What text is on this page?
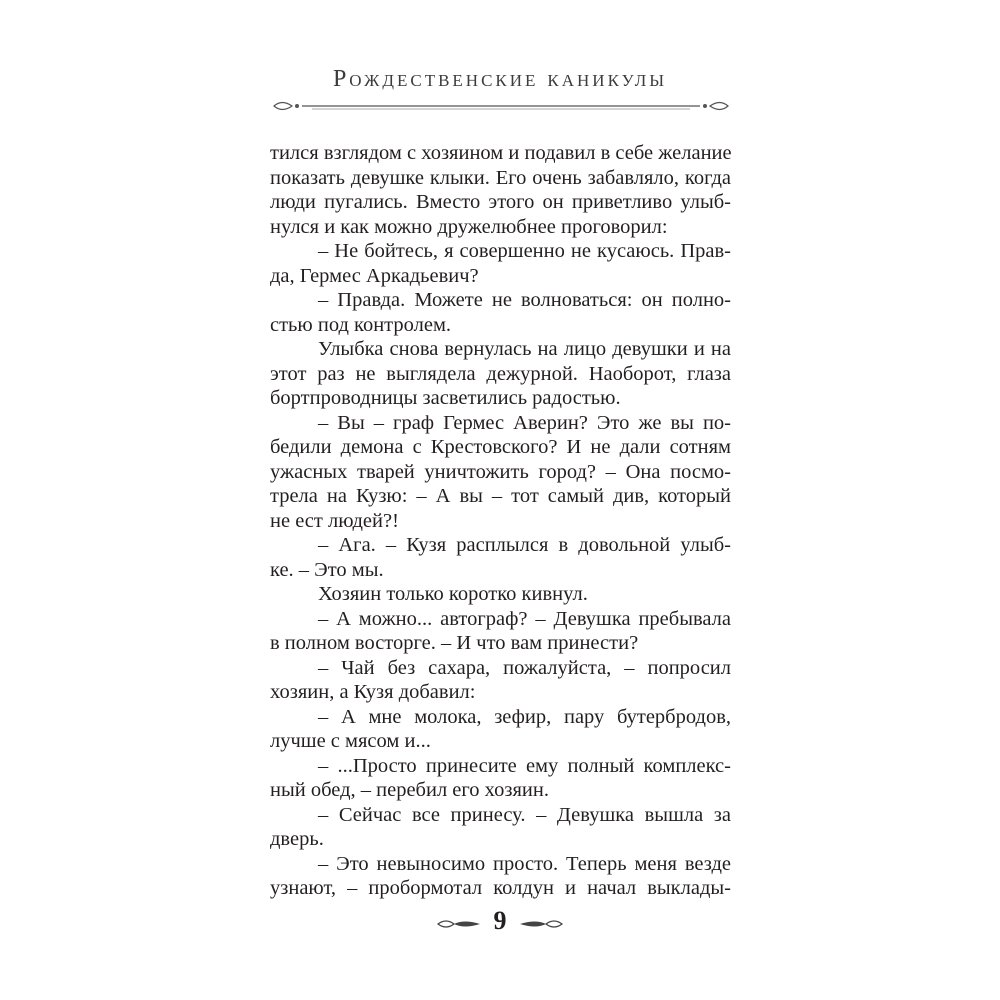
Рождественские каникулы
тился взглядом с хозяином и подавил в себе желание
показать девушке клыки. Его очень забавляло, когда
люди пугались. Вместо этого он приветливо улыб-
нулся и как можно дружелюбнее проговорил:
– Не бойтесь, я совершенно не кусаюсь. Прав-
да, Гермес Аркадьевич?
– Правда. Можете не волноваться: он полно-
стью под контролем.
Улыбка снова вернулась на лицо девушки и на
этот раз не выглядела дежурной. Наоборот, глаза
бортпроводницы засветились радостью.
– Вы – граф Гермес Аверин? Это же вы по-
бедили демона с Крестовского? И не дали сотням
ужасных тварей уничтожить город? – Она посмо-
трела на Кузю: – А вы – тот самый див, который
не ест людей?!
– Ага. – Кузя расплылся в довольной улыб-
ке. – Это мы.
Хозяин только коротко кивнул.
– А можно... автограф? – Девушка пребывала
в полном восторге. – И что вам принести?
– Чай без сахара, пожалуйста, – попросил
хозяин, а Кузя добавил:
– А мне молока, зефир, пару бутербродов,
лучше с мясом и...
– ...Просто принесите ему полный комплекс-
ный обед, – перебил его хозяин.
– Сейчас все принесу. – Девушка вышла за
дверь.
– Это невыносимо просто. Теперь меня везде
узнают, – пробормотал колдун и начал выклады-
9
